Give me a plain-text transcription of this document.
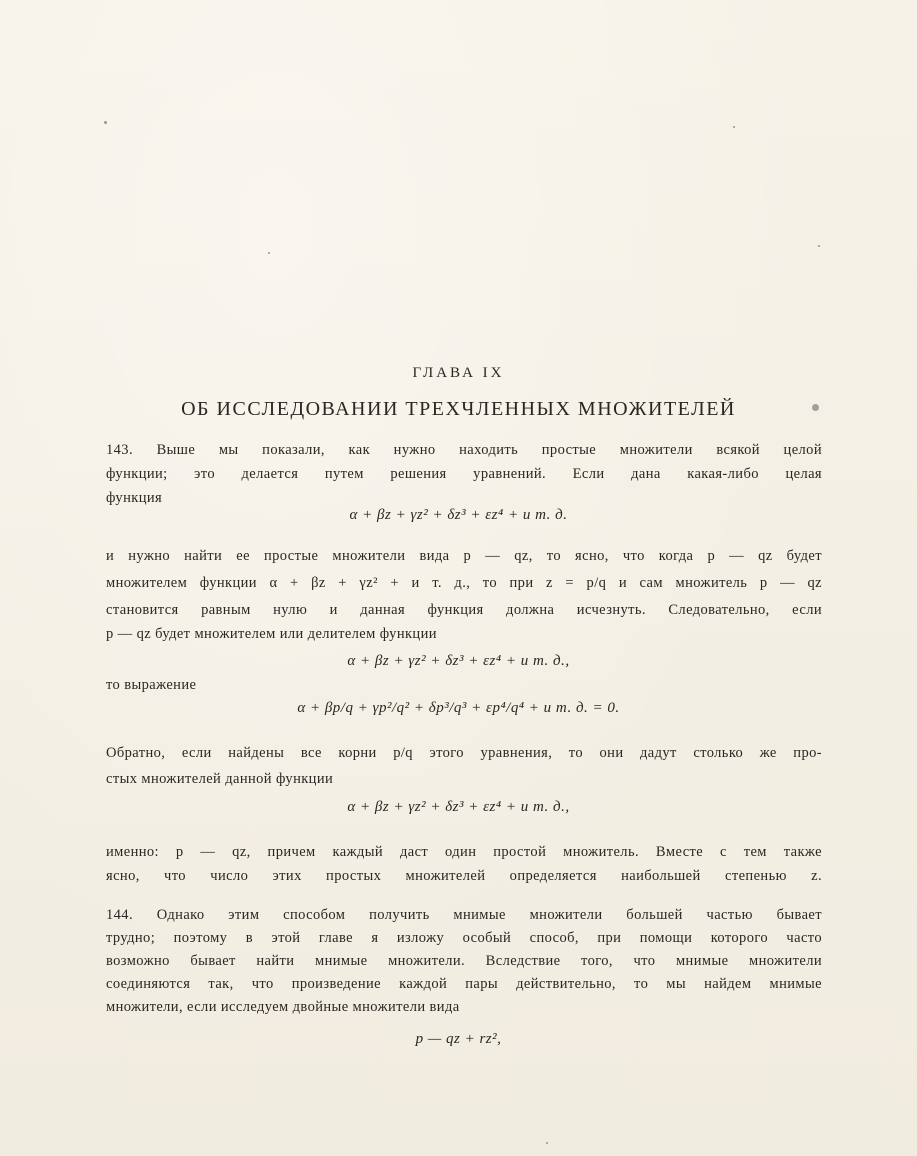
ГЛАВА IX
ОБ ИССЛЕДОВАНИИ ТРЕХЧЛЕННЫХ МНОЖИТЕЛЕЙ
143. Выше мы показали, как нужно находить простые множители всякой целой
функции; это делается путем решения уравнений. Если дана какая-либо целая
функция
α + βz + γz² + δz³ + εz⁴ + и т. д.
и нужно найти ее простые множители вида p — qz, то ясно, что когда p — qz будет
множителем функции α + βz + γz² + и т. д., то при z = p/q и сам множитель p — qz
становится равным нулю и данная функция должна исчезнуть. Следовательно, если
p — qz будет множителем или делителем функции
α + βz + γz² + δz³ + εz⁴ + и т. д.,
то выражение
α + βp/q + γp²/q² + δp³/q³ + εp⁴/q⁴ + и т. д. = 0.
Обратно, если найдены все корни p/q этого уравнения, то они дадут столько же про-
стых множителей данной функции
α + βz + γz² + δz³ + εz⁴ + и т. д.,
именно: p — qz, причем каждый даст один простой множитель. Вместе с тем также
ясно, что число этих простых множителей определяется наибольшей степенью z.
144. Однако этим способом получить мнимые множители большей частью бывает
трудно; поэтому в этой главе я изложу особый способ, при помощи которого часто
возможно бывает найти мнимые множители. Вследствие того, что мнимые множители
соединяются так, что произведение каждой пары действительно, то мы найдем мнимые
множители, если исследуем двойные множители вида
p — qz + rz²,
